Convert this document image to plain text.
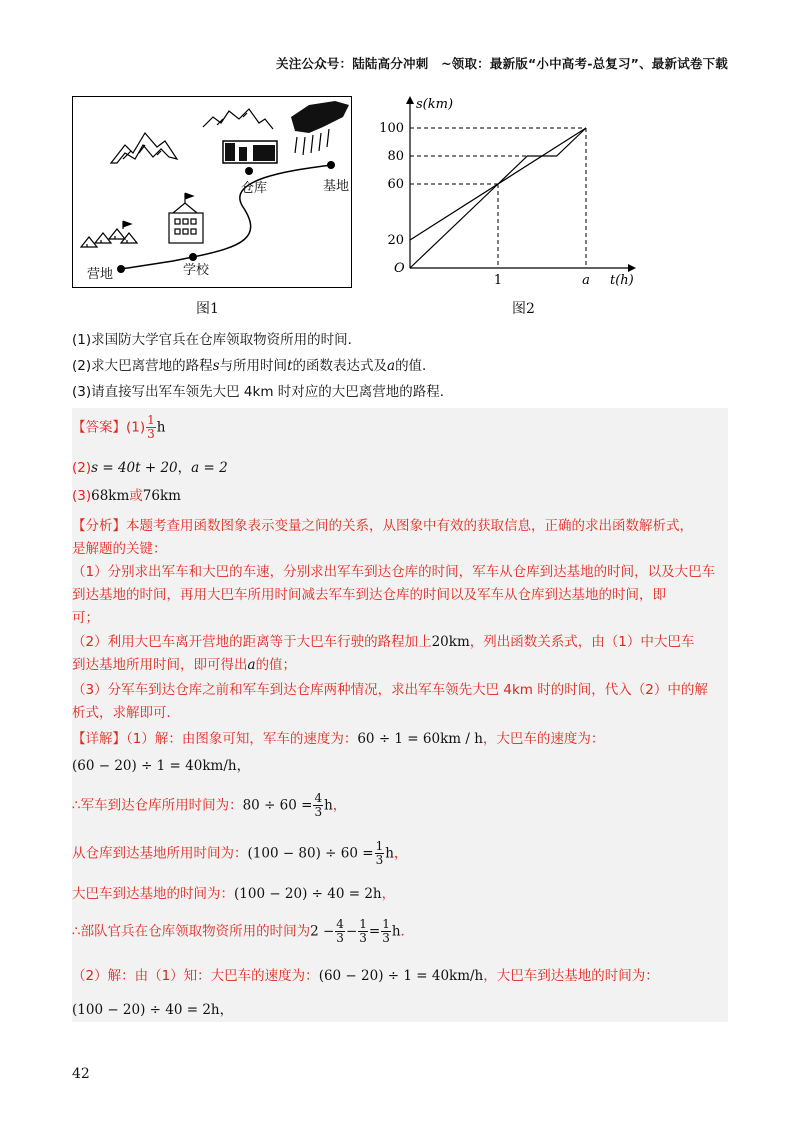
关注公众号：陆陆高分冲刺　~领取：最新版“小中高考-总复习”、最新试卷下载
营地	学校
仓库	基地
图1
s(km)
t(h)
O
100
80
60
20
1	a
图2
(1)求国防大学官兵在仓库领取物资所用的时间．
(2)求大巴离营地的路程s与所用时间t的函数表达式及a的值．
(3)请直接写出军车领先大巴 4km 时对应的大巴离营地的路程．
【答案】$(1) \frac{1}{3}$ h
(2)s = 40t + 20，a = 2
(3)68km或76km
【分析】本题考查用函数图象表示变量之间的关系，从图象中有效的获取信息，正确的求出函数解析式，
是解题的关键：
（1）分别求出军车和大巴的车速，分别求出军车到达仓库的时间，军车从仓库到达基地的时间，以及大巴车
到达基地的时间，再用大巴车所用时间减去军车到达仓库的时间以及军车从仓库到达基地的时间，即
可；
（2）利用大巴车离开营地的距离等于大巴车行驶的路程加上20km，列出函数关系式，由（1）中大巴车
到达基地所用时间，即可得出a的值；
（3）分军车到达仓库之前和军车到达仓库两种情况，求出军车领先大巴 4km 时的时间，代入（2）中的解
析式，求解即可．
【详解】（1）解：由图象可知，军车的速度为：60 ÷ 1 = 60km / h，大巴车的速度为：
(60 − 20) ÷ 1 = 40km/h，
∴军车到达仓库所用时间为：$80 \div 60 = \frac{4}{3}$ h，
从仓库到达基地所用时间为：$(100 - 80) \div 60 = \frac{1}{3}$ h，
大巴车到达基地的时间为：(100 − 20) ÷ 40 = 2h，
∴部队官兵在仓库领取物资所用的时间为$2 - \frac{4}{3} - \frac{1}{3} = \frac{1}{3}$ h．
（2）解：由（1）知：大巴车的速度为：(60 − 20) ÷ 1 = 40km/h，大巴车到达基地的时间为：
(100 − 20) ÷ 40 = 2h，
42
